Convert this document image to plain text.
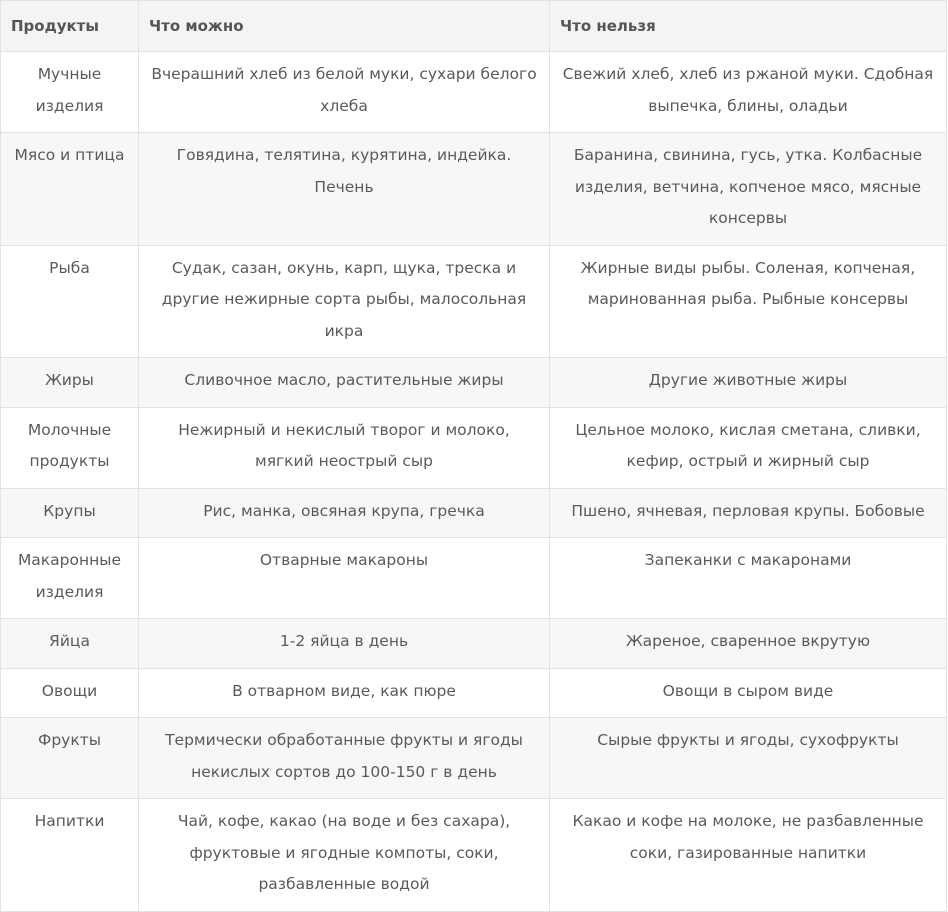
Продукты	Что можно	Что нельзя
Мучные изделия	Вчерашний хлеб из белой муки, сухари белого хлеба	Свежий хлеб, хлеб из ржаной муки. Сдобная выпечка, блины, оладьи
Мясо и птица	Говядина, телятина, курятина, индейка. Печень	Баранина, свинина, гусь, утка. Колбасные изделия, ветчина, копченое мясо, мясные консервы
Рыба	Судак, сазан, окунь, карп, щука, треска и другие нежирные сорта рыбы, малосольная икра	Жирные виды рыбы. Соленая, копченая, маринованная рыба. Рыбные консервы
Жиры	Сливочное масло, растительные жиры	Другие животные жиры
Молочные продукты	Нежирный и некислый творог и молоко, мягкий неострый сыр	Цельное молоко, кислая сметана, сливки, кефир, острый и жирный сыр
Крупы	Рис, манка, овсяная крупа, гречка	Пшено, ячневая, перловая крупы. Бобовые
Макаронные изделия	Отварные макароны	Запеканки с макаронами
Яйца	1-2 яйца в день	Жареное, сваренное вкрутую
Овощи	В отварном виде, как пюре	Овощи в сыром виде
Фрукты	Термически обработанные фрукты и ягоды некислых сортов до 100-150 г в день	Сырые фрукты и ягоды, сухофрукты
Напитки	Чай, кофе, какао (на воде и без сахара), фруктовые и ягодные компоты, соки, разбавленные водой	Какао и кофе на молоке, не разбавленные соки, газированные напитки
